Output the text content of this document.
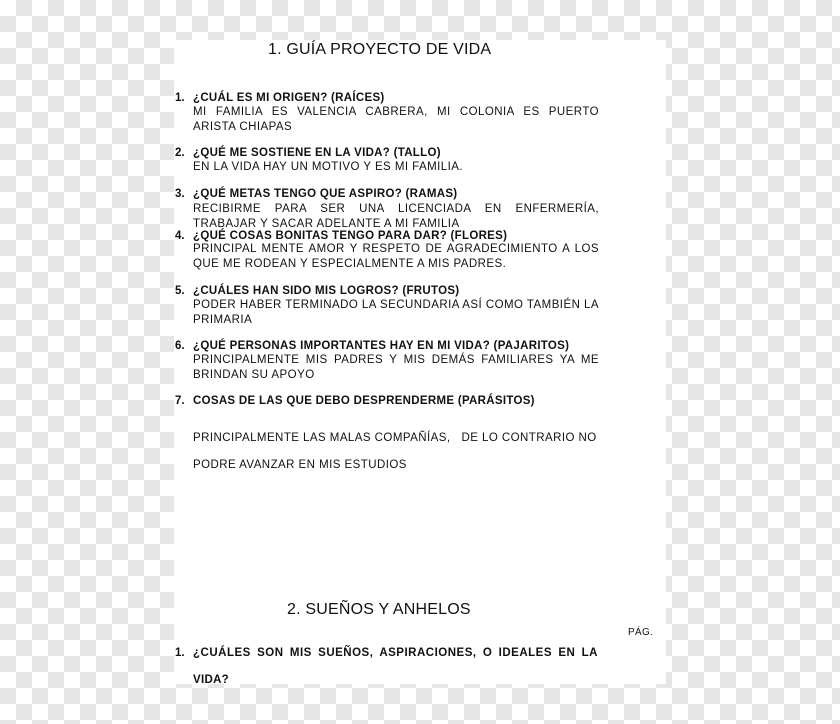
1. GUÍA PROYECTO DE VIDA
1. ¿CUÁL ES MI ORIGEN? (RAÍCES)
MI FAMILIA ES VALENCIA CABRERA, MI COLONIA ES PUERTO ARISTA CHIAPAS
2. ¿QUÉ ME SOSTIENE EN LA VIDA? (TALLO)
EN LA VIDA HAY UN MOTIVO Y ES MI FAMILIA.
3. ¿QUÉ METAS TENGO QUE ASPIRO? (RAMAS)
RECIBIRME PARA SER UNA LICENCIADA EN ENFERMERÍA, TRABAJAR Y SACAR ADELANTE A MI FAMILIA
4. ¿QUÉ COSAS BONITAS TENGO PARA DAR? (FLORES)
PRINCIPAL MENTE AMOR Y RESPETO DE AGRADECIMIENTO A LOS QUE ME RODEAN Y ESPECIALMENTE A MIS PADRES.
5. ¿CUÁLES HAN SIDO MIS LOGROS? (FRUTOS)
PODER HABER TERMINADO LA SECUNDARIA ASÍ COMO TAMBIÉN LA PRIMARIA
6. ¿QUÉ PERSONAS IMPORTANTES HAY EN MI VIDA? (PAJARITOS)
PRINCIPALMENTE MIS PADRES Y MIS DEMÁS FAMILIARES YA ME BRINDAN SU APOYO
7. COSAS DE LAS QUE DEBO DESPRENDERME (PARÁSITOS)
PRINCIPALMENTE LAS MALAS COMPAÑÍAS,   DE LO CONTRARIO NO
PODRE AVANZAR EN MIS ESTUDIOS
2. SUEÑOS Y ANHELOS
PÁG.
1. ¿CUÁLES SON MIS SUEÑOS, ASPIRACIONES, O IDEALES EN LA
VIDA?
